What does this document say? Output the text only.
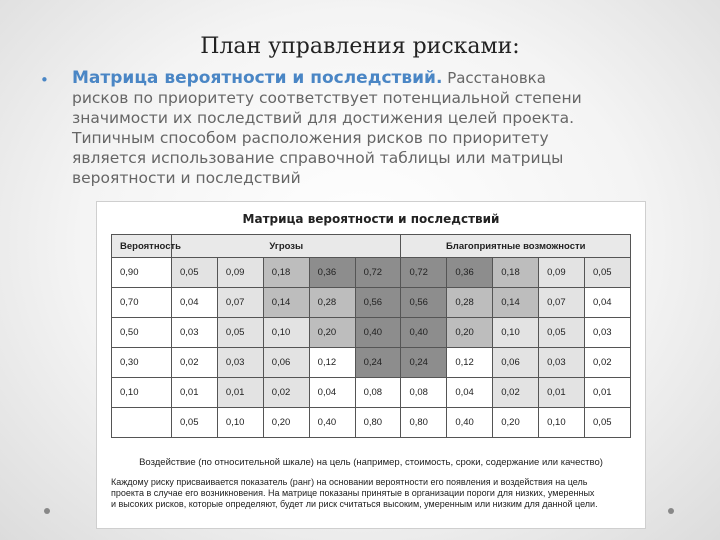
План управления рисками:
• Матрица вероятности и последствий. Расстановка
рисков по приоритету соответствует потенциальной степени
значимости их последствий для достижения целей проекта.
Типичным способом расположения рисков по приоритету
является использование справочной таблицы или матрицы
вероятности и последствий
Матрица вероятности и последствий
Вероятность	Угрозы					Благоприятные возможности				
0,90	0,05	0,09	0,18	0,36	0,72	0,72	0,36	0,18	0,09	0,05
0,70	0,04	0,07	0,14	0,28	0,56	0,56	0,28	0,14	0,07	0,04
0,50	0,03	0,05	0,10	0,20	0,40	0,40	0,20	0,10	0,05	0,03
0,30	0,02	0,03	0,06	0,12	0,24	0,24	0,12	0,06	0,03	0,02
0,10	0,01	0,01	0,02	0,04	0,08	0,08	0,04	0,02	0,01	0,01
	0,05	0,10	0,20	0,40	0,80	0,80	0,40	0,20	0,10	0,05
Воздействие (по относительной шкале) на цель (например, стоимость, сроки, содержание или качество)
Каждому риску присваивается показатель (ранг) на основании вероятности его появления и воздействия на цель
проекта в случае его возникновения. На матрице показаны принятые в организации пороги для низких, умеренных
и высоких рисков, которые определяют, будет ли риск считаться высоким, умеренным или низким для данной цели.
